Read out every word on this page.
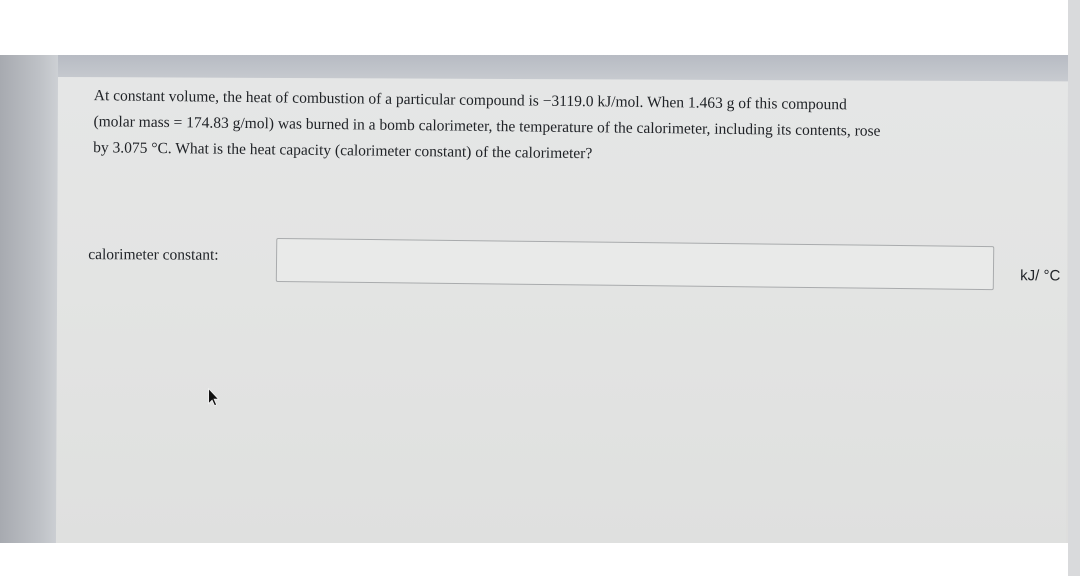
At constant volume, the heat of combustion of a particular compound is −3119.0 kJ/mol. When 1.463 g of this compound
(molar mass = 174.83 g/mol) was burned in a bomb calorimeter, the temperature of the calorimeter, including its contents, rose
by 3.075 °C. What is the heat capacity (calorimeter constant) of the calorimeter?
calorimeter constant:
kJ/ °C
